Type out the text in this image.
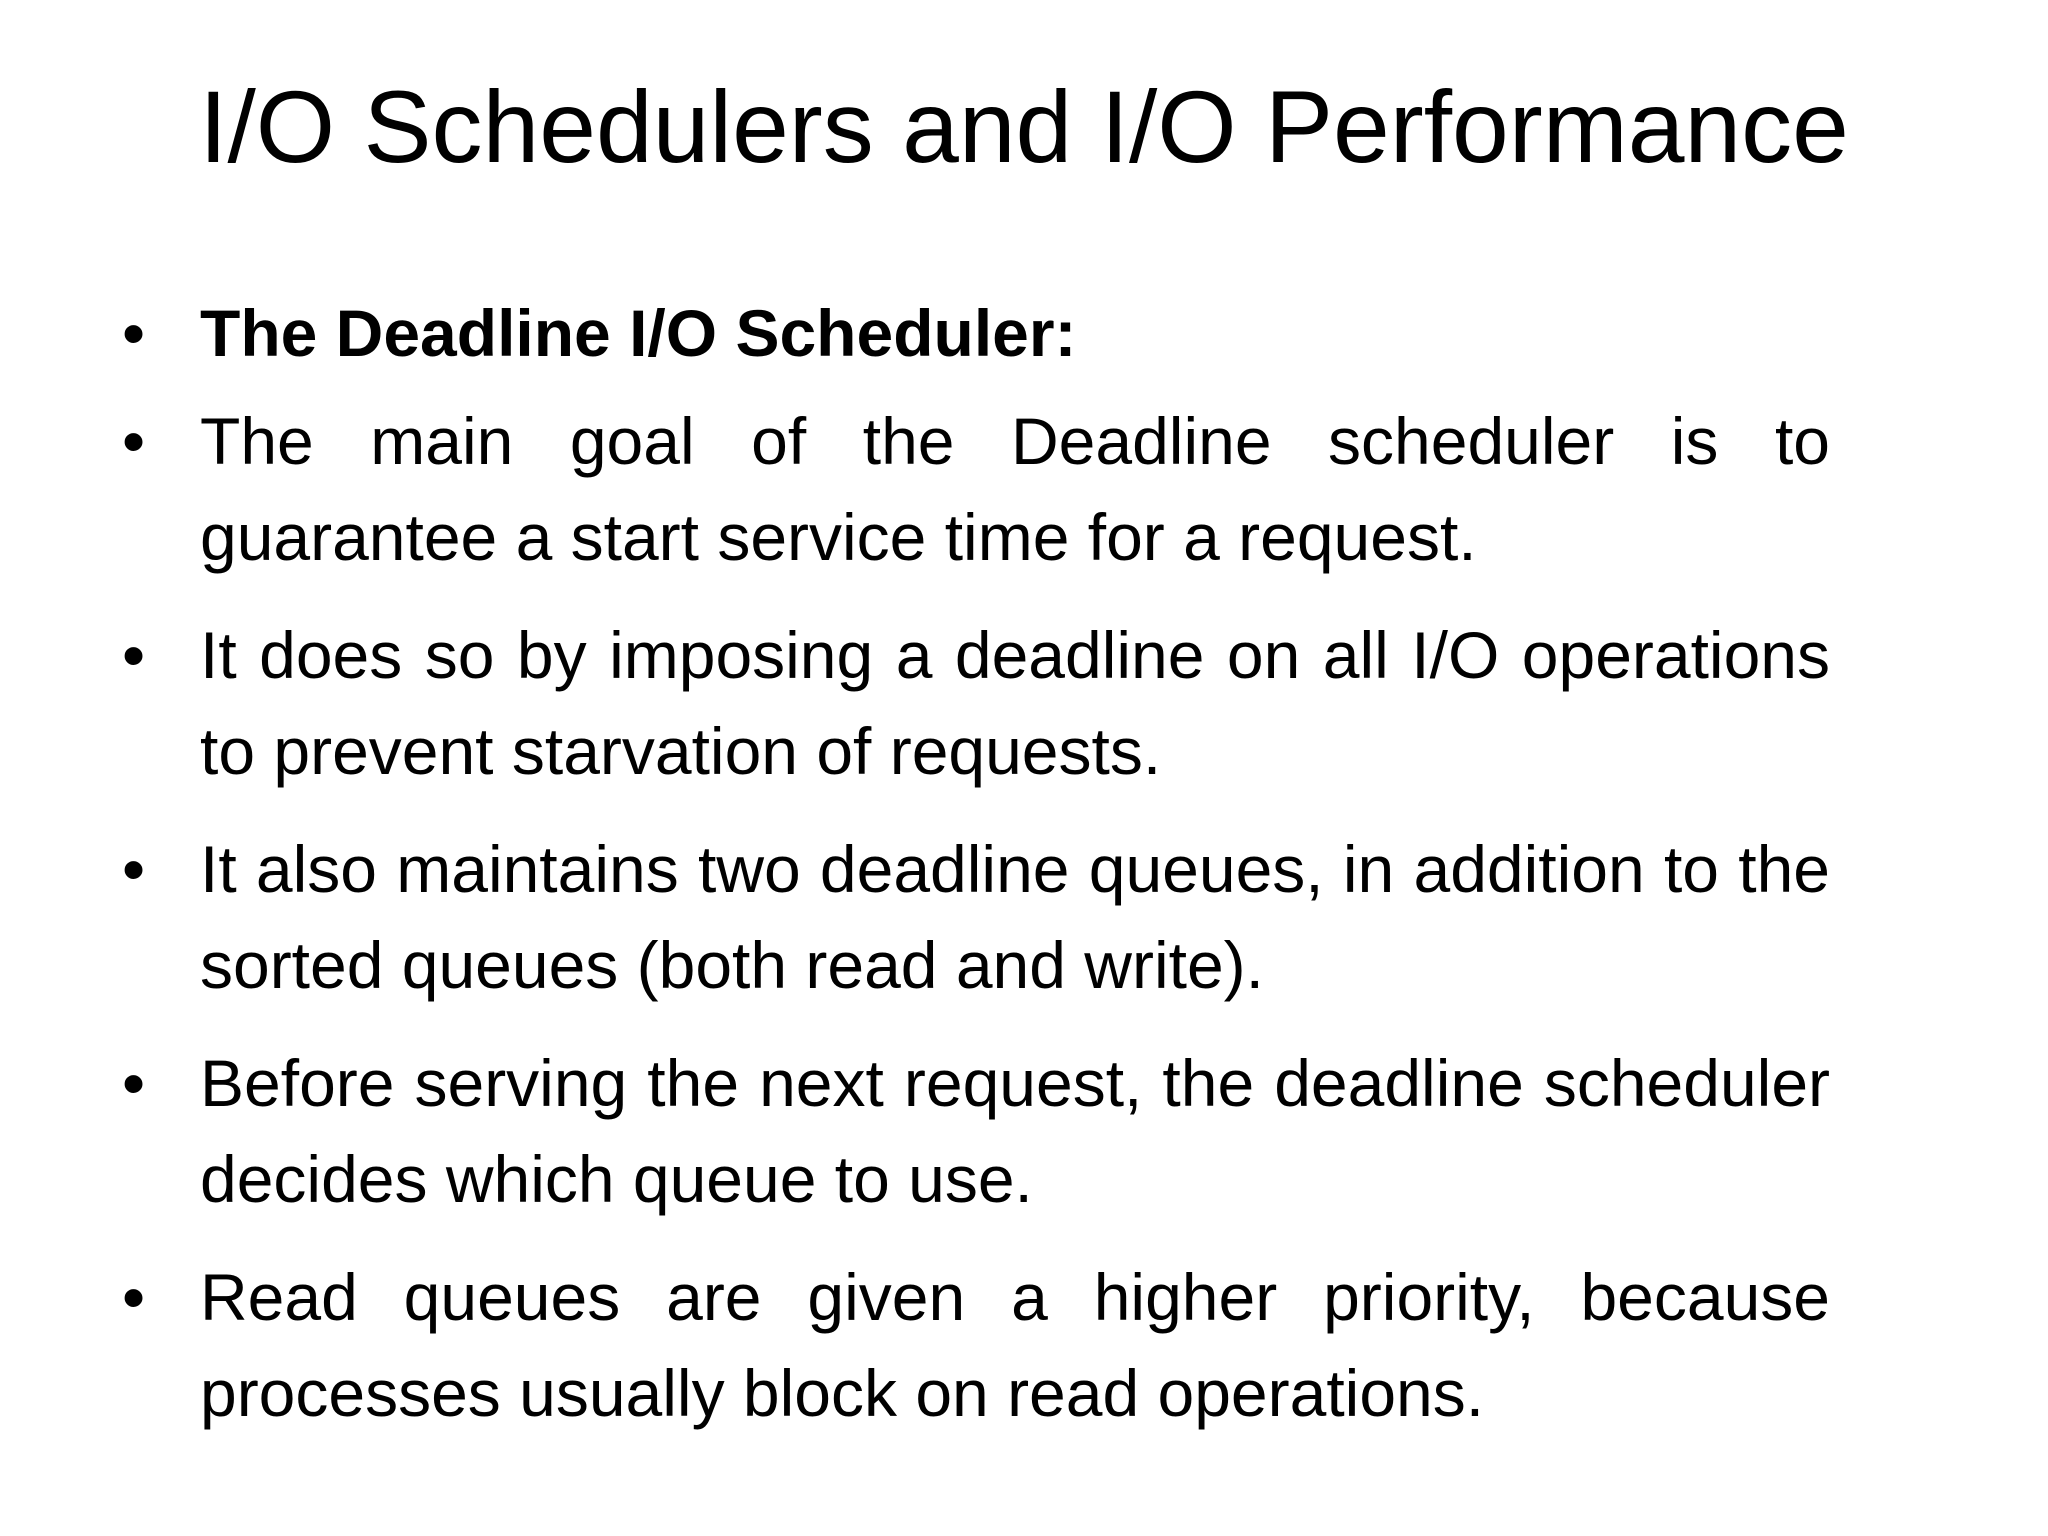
I/O Schedulers and I/O Performance
• The Deadline I/O Scheduler:
• The main goal of the Deadline scheduler is to guarantee a start service time for a request.
• It does so by imposing a deadline on all I/O operations to prevent starvation of requests.
• It also maintains two deadline queues, in addition to the sorted queues (both read and write).
• Before serving the next request, the deadline scheduler decides which queue to use.
• Read queues are given a higher priority, because processes usually block on read operations.
